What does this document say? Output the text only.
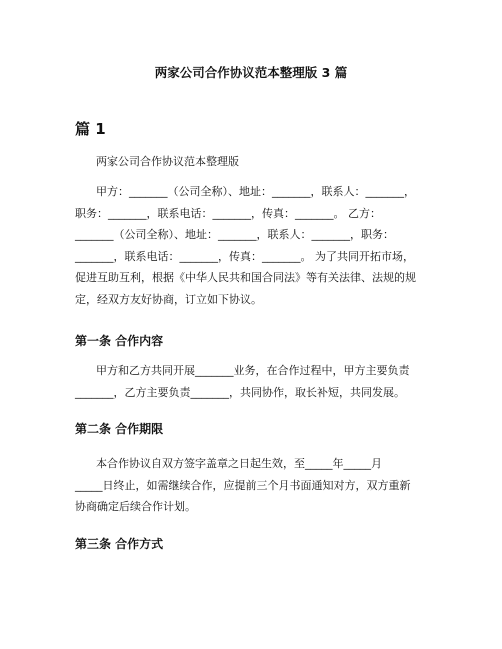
两家公司合作协议范本整理版 3 篇
篇 1
两家公司合作协议范本整理版
甲方：_______（公司全称）、地址：_______，联系人：_______，
职务：_______，联系电话：_______，传真：_______。 乙方：
_______（公司全称）、地址：_______，联系人：_______，职务：
_______，联系电话：_______，传真：_______。 为了共同开拓市场，
促进互助互利，根据《中华人民共和国合同法》等有关法律、法规的规
定，经双方友好协商，订立如下协议。
第一条 合作内容
甲方和乙方共同开展_______业务，在合作过程中，甲方主要负责
_______，乙方主要负责_______，共同协作，取长补短，共同发展。
第二条 合作期限
本合作协议自双方签字盖章之日起生效，至_____年_____月
_____日终止，如需继续合作，应提前三个月书面通知对方，双方重新
协商确定后续合作计划。
第三条 合作方式
